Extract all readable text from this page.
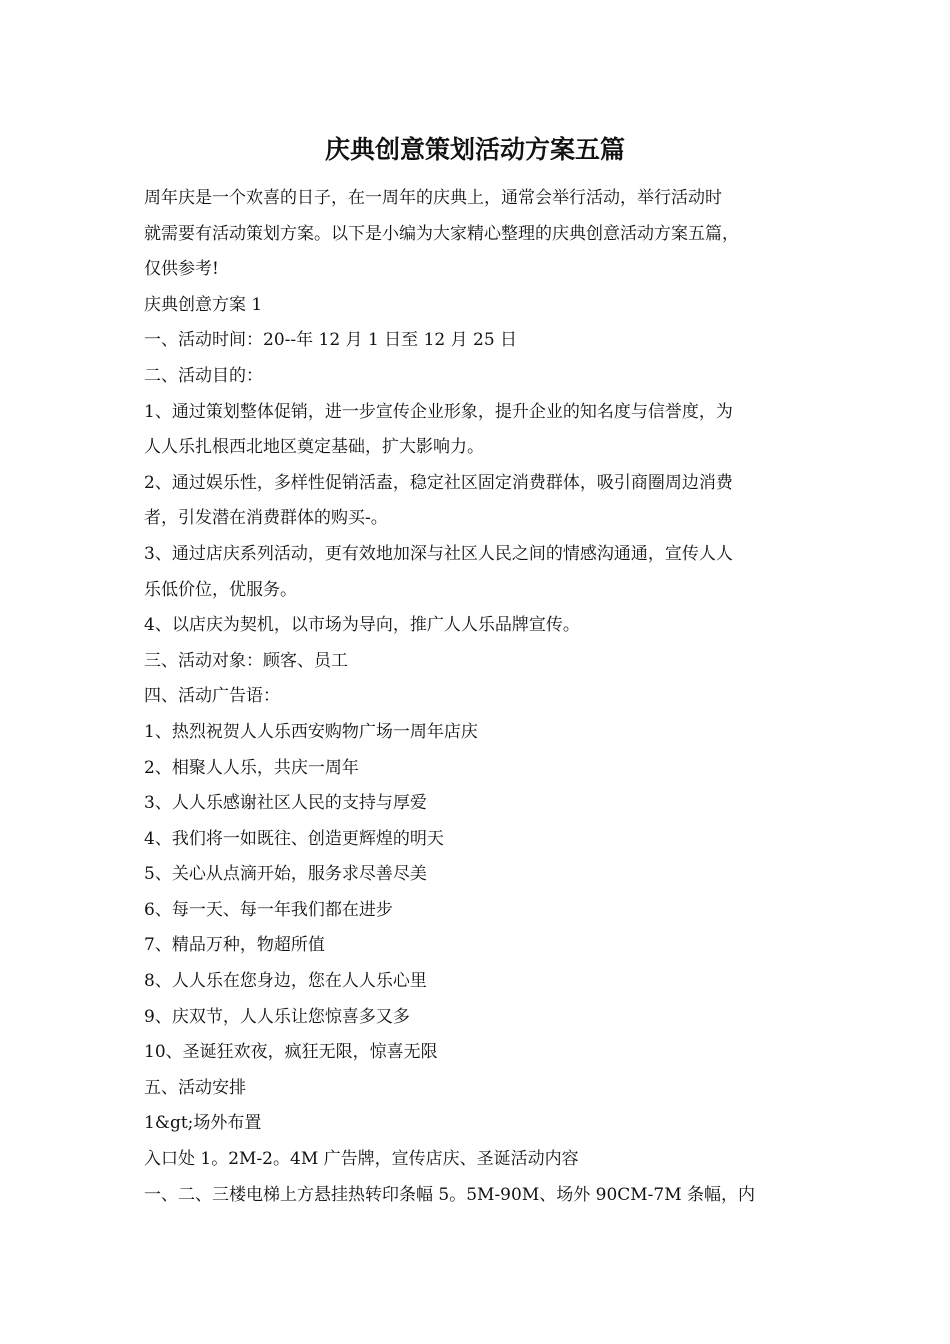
庆典创意策划活动方案五篇

周年庆是一个欢喜的日子，在一周年的庆典上，通常会举行活动，举行活动时

就需要有活动策划方案。以下是小编为大家精心整理的庆典创意活动方案五篇，

仅供参考!

庆典创意方案 1

一、活动时间：20--年 12 月 1 日至 12 月 25 日

二、活动目的：

1、通过策划整体促销，进一步宣传企业形象，提升企业的知名度与信誉度，为

人人乐扎根西北地区奠定基础，扩大影响力。

2、通过娱乐性，多样性促销活盍，稳定社区固定消费群体，吸引商圈周边消费

者，引发潜在消费群体的购买-。

3、通过店庆系列活动，更有效地加深与社区人民之间的情感沟通通，宣传人人

乐低价位，优服务。

4、以店庆为契机，以市场为导向，推广人人乐品牌宣传。

三、活动对象：顾客、员工

四、活动广告语：

1、热烈祝贺人人乐西安购物广场一周年店庆

2、相聚人人乐，共庆一周年

3、人人乐感谢社区人民的支持与厚爱

4、我们将一如既往、创造更辉煌的明天

5、关心从点滴开始，服务求尽善尽美

6、每一天、每一年我们都在进步

7、精品万种，物超所值

8、人人乐在您身边，您在人人乐心里

9、庆双节，人人乐让您惊喜多又多

10、圣诞狂欢夜，疯狂无限，惊喜无限

五、活动安排

1&gt;场外布置

入口处 1。2M-2。4M 广告牌，宣传店庆、圣诞活动内容

一、二、三楼电梯上方悬挂热转印条幅 5。5M-90M、场外 90CM-7M 条幅，内
